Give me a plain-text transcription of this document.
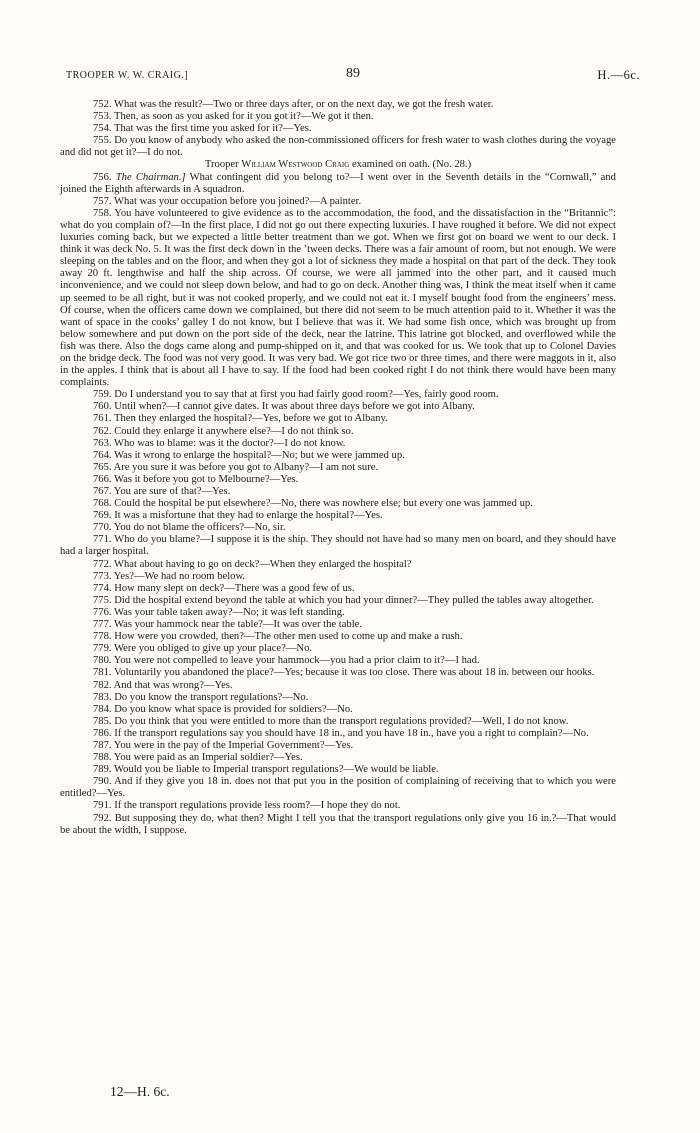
TROOPER W. W. CRAIG.]	89	H.—6c.

752. What was the result?—Two or three days after, or on the next day, we got the fresh water.

753. Then, as soon as you asked for it you got it?—We got it then.

754. That was the first time you asked for it?—Yes.

755. Do you know of anybody who asked the non-commissioned officers for fresh water to wash clothes during the voyage and did not get it?—I do not.

Trooper William Westwood Craig examined on oath. (No. 28.)

756. The Chairman.] What contingent did you belong to?—I went over in the Seventh details in the “Cornwall,” and joined the Eighth afterwards in A squadron.

757. What was your occupation before you joined?—A painter.

758. You have volunteered to give evidence as to the accommodation, the food, and the dissatisfaction in the “Britannic”: what do you complain of?—In the first place, I did not go out there expecting luxuries. I have roughed it before. We did not expect luxuries coming back, but we expected a little better treatment than we got. When we first got on board we went to our deck. I think it was deck No. 5. It was the first deck down in the ’tween decks. There was a fair amount of room, but not enough. We were sleeping on the tables and on the floor, and when they got a lot of sickness they made a hospital on that part of the deck. They took away 20 ft. lengthwise and half the ship across. Of course, we were all jammed into the other part, and it caused much inconvenience, and we could not sleep down below, and had to go on deck. Another thing was, I think the meat itself when it came up seemed to be all right, but it was not cooked properly, and we could not eat it. I myself bought food from the engineers’ mess. Of course, when the officers came down we complained, but there did not seem to be much attention paid to it. Whether it was the want of space in the cooks’ galley I do not know, but I believe that was it. We had some fish once, which was brought up from below somewhere and put down on the port side of the deck, near the latrine. This latrine got blocked, and overflowed while the fish was there. Also the dogs came along and pump-shipped on it, and that was cooked for us. We took that up to Colonel Davies on the bridge deck. The food was not very good. It was very bad. We got rice two or three times, and there were maggots in it, also in the apples. I think that is about all I have to say. If the food had been cooked right I do not think there would have been many complaints.

759. Do I understand you to say that at first you had fairly good room?—Yes, fairly good room.

760. Until when?—I cannot give dates. It was about three days before we got into Albany.

761. Then they enlarged the hospital?—Yes, before we got to Albany.

762. Could they enlarge it anywhere else?—I do not think so.

763. Who was to blame: was it the doctor?—I do not know.

764. Was it wrong to enlarge the hospital?—No; but we were jammed up.

765. Are you sure it was before you got to Albany?—I am not sure.

766. Was it before you got to Melbourne?—Yes.

767. You are sure of that?—Yes.

768. Could the hospital be put elsewhere?—No, there was nowhere else; but every one was jammed up.

769. It was a misfortune that they had to enlarge the hospital?—Yes.

770. You do not blame the officers?—No, sir.

771. Who do you blame?—I suppose it is the ship. They should not have had so many men on board, and they should have had a larger hospital.

772. What about having to go on deck?—When they enlarged the hospital?

773. Yes?—We had no room below.

774. How many slept on deck?—There was a good few of us.

775. Did the hospital extend beyond the table at which you had your dinner?—They pulled the tables away altogether.

776. Was your table taken away?—No; it was left standing.

777. Was your hammock near the table?—It was over the table.

778. How were you crowded, then?—The other men used to come up and make a rush.

779. Were you obliged to give up your place?—No.

780. You were not compelled to leave your hammock—you had a prior claim to it?—I had.

781. Voluntarily you abandoned the place?—Yes; because it was too close. There was about 18 in. between our hooks.

782. And that was wrong?—Yes.

783. Do you know the transport regulations?—No.

784. Do you know what space is provided for soldiers?—No.

785. Do you think that you were entitled to more than the transport regulations provided?—Well, I do not know.

786. If the transport regulations say you should have 18 in., and you have 18 in., have you a right to complain?—No.

787. You were in the pay of the Imperial Government?—Yes.

788. You were paid as an Imperial soldier?—Yes.

789. Would you be liable to Imperial transport regulations?—We would be liable.

790. And if they give you 18 in. does not that put you in the position of complaining of receiving that to which you were entitled?—Yes.

791. If the transport regulations provide less room?—I hope they do not.

792. But supposing they do, what then? Might I tell you that the transport regulations only give you 16 in.?—That would be about the width, I suppose.

12—H. 6c.
